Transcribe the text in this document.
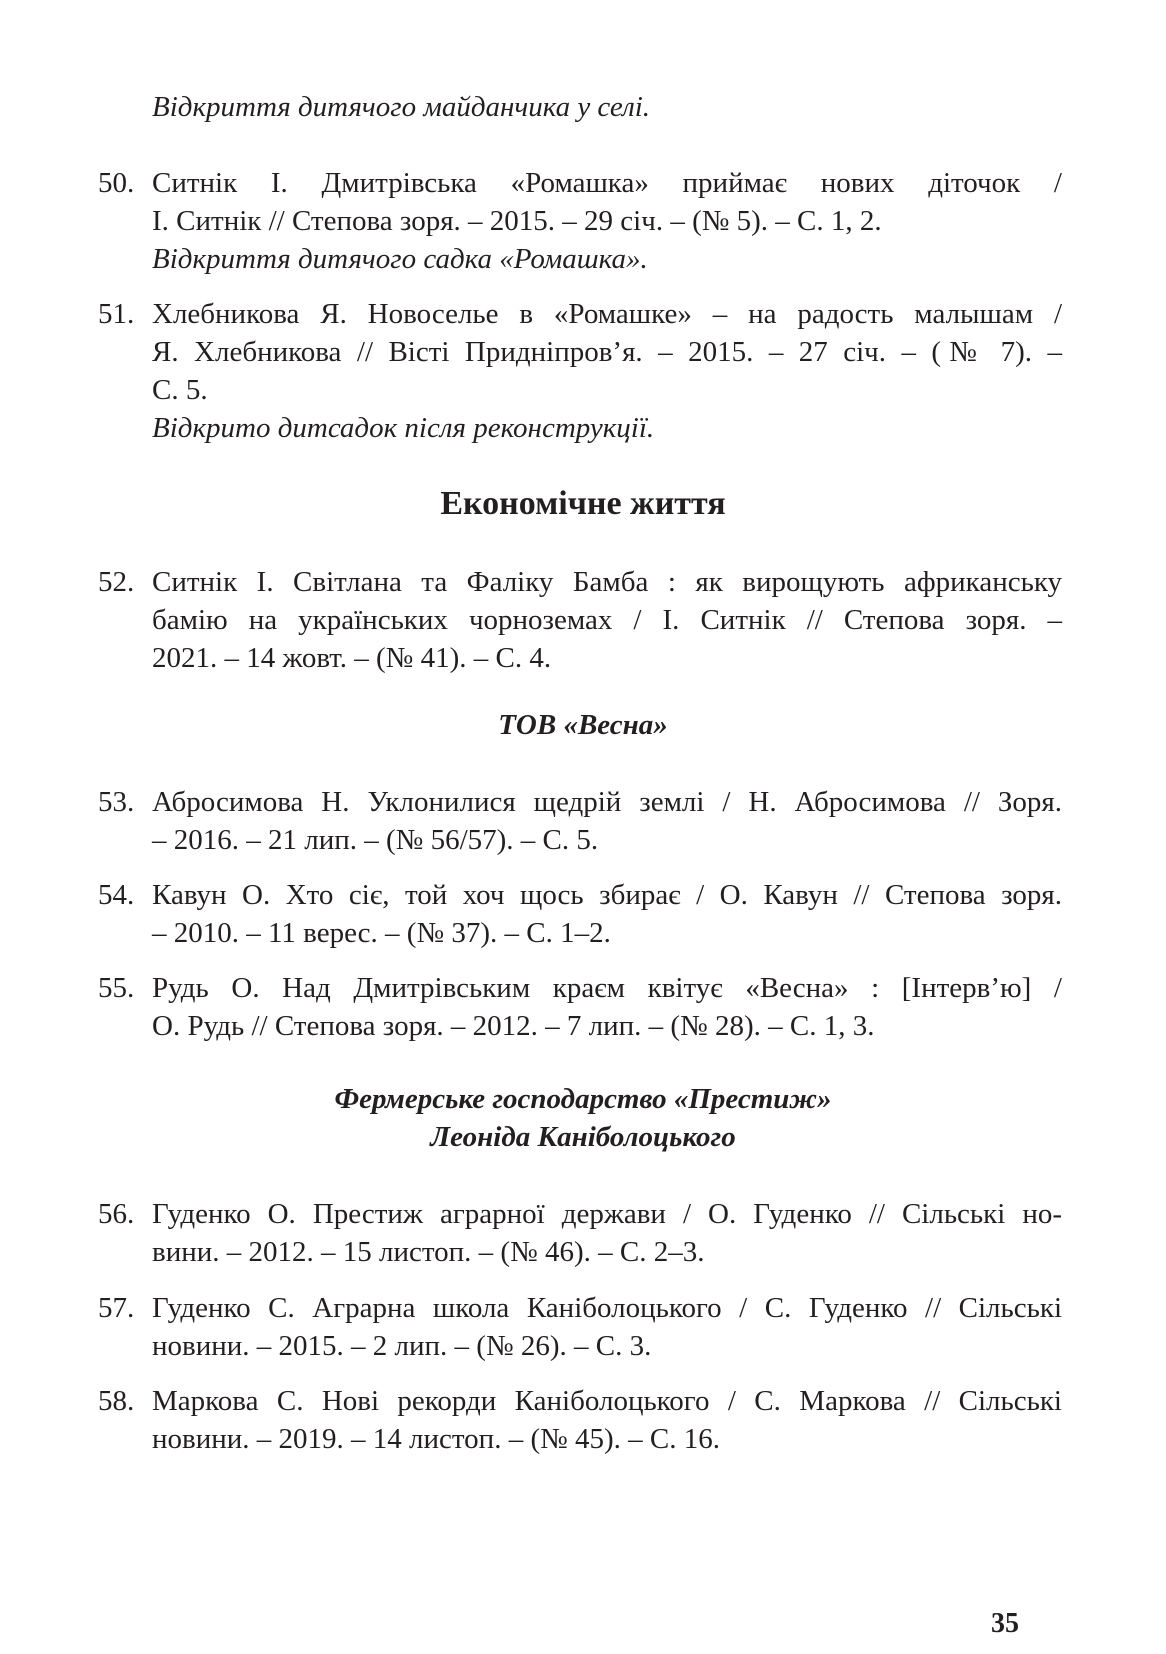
Відкриття дитячого майданчика у селі.
50. Ситнік І. Дмитрівська «Ромашка» приймає нових діточок /
І. Ситнік // Степова зоря. – 2015. – 29 січ. – (№ 5). – С. 1, 2.
Відкриття дитячого садка «Ромашка».
51. Хлебникова Я. Новоселье в «Ромашке» – на радость малышам /
Я. Хлебникова // Вісті Придніпров’я. – 2015. – 27 січ. – (№ 7). –
С. 5.
Відкрито дитсадок після реконструкції.
Економічне життя
52. Ситнік І. Світлана та Фаліку Бамба : як вирощують африканську
бамію на українських чорноземах / І. Ситнік // Степова зоря. –
2021. – 14 жовт. – (№ 41). – С. 4.
ТОВ «Весна»
53. Абросимова Н. Уклонилися щедрій землі / Н. Абросимова // Зоря.
– 2016. – 21 лип. – (№ 56/57). – С. 5.
54. Кавун О. Хто сіє, той хоч щось збирає / О. Кавун // Степова зоря.
– 2010. – 11 верес. – (№ 37). – С. 1–2.
55. Рудь О. Над Дмитрівським краєм квітує «Весна» : [Інтерв’ю] /
О. Рудь // Степова зоря. – 2012. – 7 лип. – (№ 28). – С. 1, 3.
Фермерське господарство «Престиж»
Леоніда Каніболоцького
56. Гуденко О. Престиж аграрної держави / О. Гуденко // Сільські но-
вини. – 2012. – 15 листоп. – (№ 46). – С. 2–3.
57. Гуденко С. Аграрна школа Каніболоцького / С. Гуденко // Сільські
новини. – 2015. – 2 лип. – (№ 26). – С. 3.
58. Маркова С. Нові рекорди Каніболоцького / С. Маркова // Сільські
новини. – 2019. – 14 листоп. – (№ 45). – С. 16.
35
